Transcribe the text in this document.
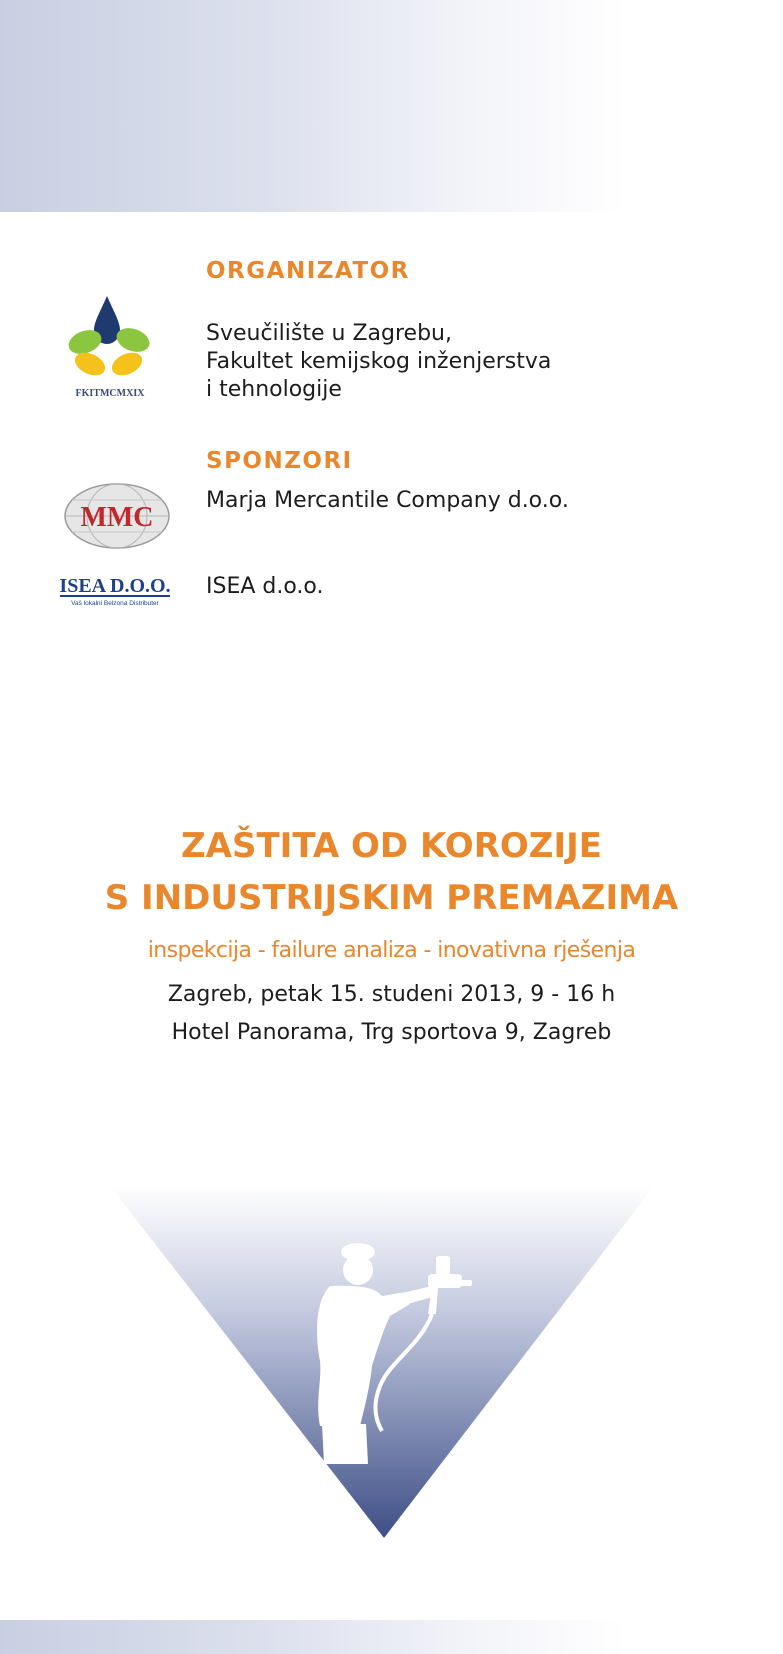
ORGANIZATOR
FKITMCMXIX
Sveučilište u Zagrebu,
Fakultet kemijskog inženjerstva
i tehnologije
SPONZORI
MMC
Marja Mercantile Company d.o.o.
ISEA D.O.O.
Vaš lokalni Belzona Distributer
ISEA d.o.o.
ZAŠTITA OD KOROZIJE
S INDUSTRIJSKIM PREMAZIMA
inspekcija - failure analiza - inovativna rješenja
Zagreb, petak 15. studeni 2013, 9 - 16 h
Hotel Panorama, Trg sportova 9, Zagreb
